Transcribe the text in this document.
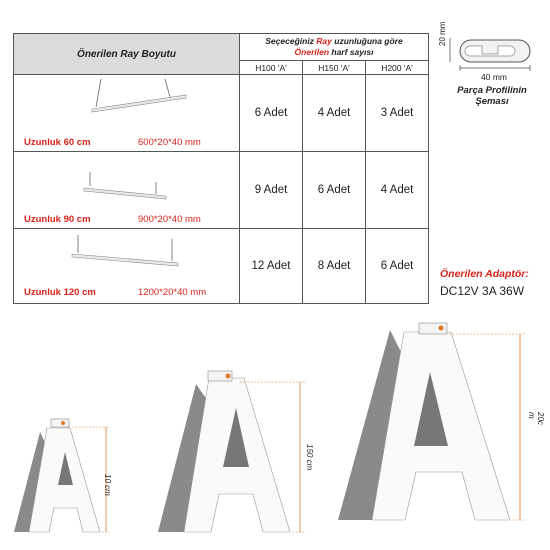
Önerilen Ray Boyutu	Seçeceğiniz Ray uzunluğuna göre
Önerilen harf sayısı		
	H100 'A'	H150 'A'	H200 'A'

Uzunluk 60 cm 600*20*40 mm	6 Adet	4 Adet	3 Adet

Uzunluk 90 cm 900*20*40 mm	9 Adet	6 Adet	4 Adet

Uzunluk 120 cm 1200*20*40 mm	12 Adet	8 Adet	6 Adet
20 mm
40 mm
Parça Profilinin
Şeması
Önerilen Adaptör:
DC12V 3A 36W
10 cm
150 cm
20c m
